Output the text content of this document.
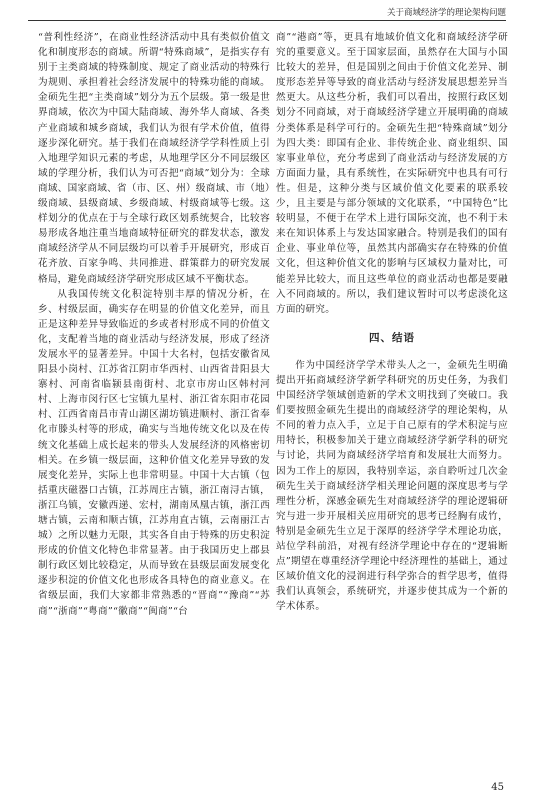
关于商域经济学的理论架构问题

“普利性经济”，在商业性经济活动中具有类似价值文化和制度形态的商域。所谓“特殊商域”，是指实存有别于主类商域的特殊制度、规定了商业活动的特殊行为规则、承担着社会经济发展中的特殊功能的商域。金硕先生把“主类商域”划分为五个层级。第一级是世界商域，依次为中国大陆商域、海外华人商域、各类产业商域和城乡商域，我们认为很有学术价值，值得逐步深化研究。基于我们在商域经济学学科性质上引入地理学知识元素的考虑，从地理学区分不同层级区域的学理分析，我们认为可否把“商域”划分为：全球商域、国家商域、省（市、区、州）级商域、市（地）级商域、县级商域、乡级商域、村级商域等七级。这样划分的优点在于与全球行政区划系统契合，比较容易形成各地注重当地商域特征研究的群发状态，激发商域经济学从不同层级均可以着手开展研究，形成百花齐放、百家争鸣、共同推进、群策群力的研究发展格局，避免商域经济学研究形成区域不平衡状态。

从我国传统文化积淀特别丰厚的情况分析，在乡、村级层面，确实存在明显的价值文化差异，而且正是这种差异导致临近的乡或者村形成不同的价值文化，支配着当地的商业活动与经济发展，形成了经济发展水平的显著差异。中国十大名村，包括安徽省凤阳县小岗村、江苏省江阴市华西村、山西省昔阳县大寨村、河南省临颍县南街村、北京市房山区韩村河村、上海市闵行区七宝镇九星村、浙江省东阳市花园村、江西省南昌市青山湖区湖坊镇进顺村、浙江省奉化市滕头村等的形成，确实与当地传统文化以及在传统文化基础上成长起来的带头人发展经济的风格密切相关。在乡镇一级层面，这种价值文化差异导致的发展变化差异，实际上也非常明显。中国十大古镇（包括重庆磁器口古镇，江苏周庄古镇，浙江南浔古镇，浙江乌镇，安徽西递、宏村，湖南凤凰古镇，浙江西塘古镇，云南和顺古镇，江苏甪直古镇，云南丽江古城）之所以魅力无限，其实各自由于特殊的历史积淀形成的价值文化特色非常显著。由于我国历史上郡县制行政区划比较稳定，从而导致在县级层面发展变化逐步积淀的价值文化也形成各具特色的商业意义。在省级层面，我们大家都非常熟悉的“晋商”“豫商”“苏商”“浙商”“粤商”“徽商”“闽商”“台

商”“港商”等，更具有地域价值文化和商域经济学研究的重要意义。至于国家层面，虽然存在大国与小国比较大的差异，但是国别之间由于价值文化差异、制度形态差异等导致的商业活动与经济发展思想差异当然更大。从这些分析，我们可以看出，按照行政区划划分不同商域，对于商域经济学建立开展明确的商域分类体系是科学可行的。金硕先生把“特殊商域”划分为四大类：即国有企业、非传统企业、商业组织、国家事业单位，充分考虑到了商业活动与经济发展的方方面面力量，具有系统性，在实际研究中也具有可行性。但是，这种分类与区域价值文化要素的联系较少，且主要是与部分领域的文化联系，“中国特色”比较明显，不便于在学术上进行国际交流，也不利于未来在知识体系上与发达国家融合。特别是我们的国有企业、事业单位等，虽然其内部确实存在特殊的价值文化，但这种价值文化的影响与区域权力量对比，可能差异比较大，而且这些单位的商业活动也都是要融入不同商域的。所以，我们建议暂时可以考虑淡化这方面的研究。

四、结语

作为中国经济学学术带头人之一，金硕先生明确提出开拓商域经济学新学科研究的历史任务，为我们中国经济学领域创造新的学术文明找到了突破口。我们要按照金硕先生提出的商域经济学的理论架构，从不同的着力点入手，立足于自己原有的学术积淀与应用特长，积极参加关于建立商域经济学新学科的研究与讨论，共同为商域经济学培育和发展壮大而努力。因为工作上的原因，我特别幸运，亲自聆听过几次金硕先生关于商域经济学相关理论问题的深度思考与学理性分析，深感金硕先生对商域经济学的理论逻辑研究与进一步开展相关应用研究的思考已经胸有成竹，特别是金硕先生立足于深厚的经济学学术理论功底，站位学科前沿，对视有经济学理论中存在的“逻辑断点”期望在尊重经济学理论中经济理性的基础上，通过区域价值文化的浸润进行科学弥合的哲学思考，值得我们认真领会，系统研究，并逐步使其成为一个新的学术体系。

45
